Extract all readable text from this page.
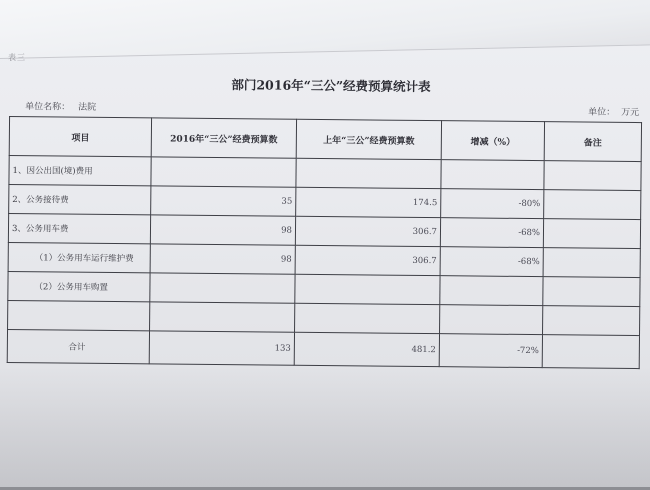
表三
部门2016年“三公”经费预算统计表
单位名称： 法院	单位： 万元
项目	2016年“三公”经费预算数	上年“三公”经费预算数	增减（%）	备注
1、因公出国(境)费用				
2、公务接待费	35	174.5	-80%	
3、公务用车费	98	306.7	-68%	
（1）公务用车运行维护费	98	306.7	-68%	
（2）公务用车购置				

合计	133	481.2	-72%	
